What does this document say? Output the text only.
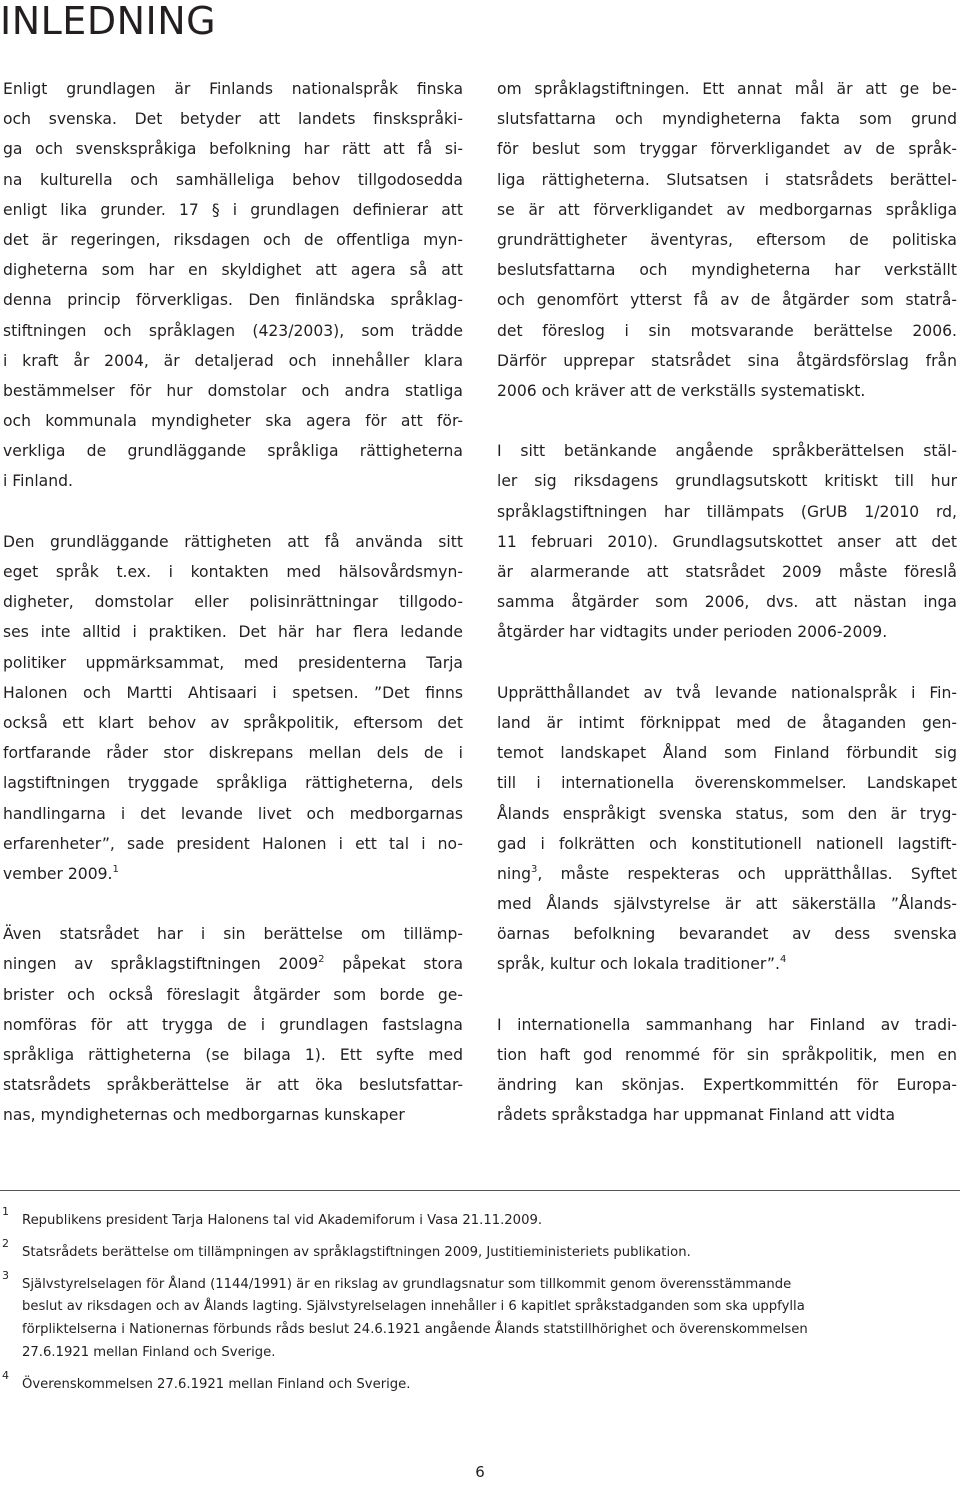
INLEDNING
Enligt grundlagen är Finlands nationalspråk finska
och svenska. Det betyder att landets finskspråki-
ga och svenskspråkiga befolkning har rätt att få si-
na kulturella och samhälleliga behov tillgodosedda
enligt lika grunder. 17 § i grundlagen definierar att
det är regeringen, riksdagen och de offentliga myn-
digheterna som har en skyldighet att agera så att
denna princip förverkligas. Den finländska språklag-
stiftningen och språklagen (423/2003), som trädde
i kraft år 2004, är detaljerad och innehåller klara
bestämmelser för hur domstolar och andra statliga
och kommunala myndigheter ska agera för att för-
verkliga de grundläggande språkliga rättigheterna
i Finland.
Den grundläggande rättigheten att få använda sitt
eget språk t.ex. i kontakten med hälsovårdsmyn-
digheter, domstolar eller polisinrättningar tillgodo-
ses inte alltid i praktiken. Det här har flera ledande
politiker uppmärksammat, med presidenterna Tarja
Halonen och Martti Ahtisaari i spetsen. ”Det finns
också ett klart behov av språkpolitik, eftersom det
fortfarande råder stor diskrepans mellan dels de i
lagstiftningen tryggade språkliga rättigheterna, dels
handlingarna i det levande livet och medborgarnas
erfarenheter”, sade president Halonen i ett tal i no-
vember 2009.$^1$
Även statsrådet har i sin berättelse om tillämp-
ningen av språklagstiftningen 2009$^2$ påpekat stora
brister och också föreslagit åtgärder som borde ge-
nomföras för att trygga de i grundlagen fastslagna
språkliga rättigheterna (se bilaga 1). Ett syfte med
statsrådets språkberättelse är att öka beslutsfattar-
nas, myndigheternas och medborgarnas kunskaper
om språklagstiftningen. Ett annat mål är att ge be-
slutsfattarna och myndigheterna fakta som grund
för beslut som tryggar förverkligandet av de språk-
liga rättigheterna. Slutsatsen i statsrådets berättel-
se är att förverkligandet av medborgarnas språkliga
grundrättigheter äventyras, eftersom de politiska
beslutsfattarna och myndigheterna har verkställt
och genomfört ytterst få av de åtgärder som statrå-
det föreslog i sin motsvarande berättelse 2006.
Därför upprepar statsrådet sina åtgärdsförslag från
2006 och kräver att de verkställs systematiskt.
I sitt betänkande angående språkberättelsen stäl-
ler sig riksdagens grundlagsutskott kritiskt till hur
språklagstiftningen har tillämpats (GrUB 1/2010 rd,
11 februari 2010). Grundlagsutskottet anser att det
är alarmerande att statsrådet 2009 måste föreslå
samma åtgärder som 2006, dvs. att nästan inga
åtgärder har vidtagits under perioden 2006-2009.
Upprätthållandet av två levande nationalspråk i Fin-
land är intimt förknippat med de åtaganden gen-
temot landskapet Åland som Finland förbundit sig
till i internationella överenskommelser. Landskapet
Ålands enspråkigt svenska status, som den är tryg-
gad i folkrätten och konstitutionell nationell lagstift-
ning$^3$, måste respekteras och upprätthållas. Syftet
med Ålands självstyrelse är att säkerställa ”Ålands-
öarnas befolkning bevarandet av dess svenska
språk, kultur och lokala traditioner”.$^4$
I internationella sammanhang har Finland av tradi-
tion haft god renommé för sin språkpolitik, men en
ändring kan skönjas. Expertkommittén för Europa-
rådets språkstadga har uppmanat Finland att vidta
1
Republikens president Tarja Halonens tal vid Akademiforum i Vasa 21.11.2009.
2
Statsrådets berättelse om tillämpningen av språklagstiftningen 2009, Justitieministeriets publikation.
3
Självstyrelselagen för Åland (1144/1991) är en rikslag av grundlagsnatur som tillkommit genom överensstämmande
beslut av riksdagen och av Ålands lagting. Självstyrelselagen innehåller i 6 kapitlet språkstadganden som ska uppfylla
förpliktelserna i Nationernas förbunds råds beslut 24.6.1921 angående Ålands statstillhörighet och överenskommelsen
27.6.1921 mellan Finland och Sverige.
4
Överenskommelsen 27.6.1921 mellan Finland och Sverige.
6
